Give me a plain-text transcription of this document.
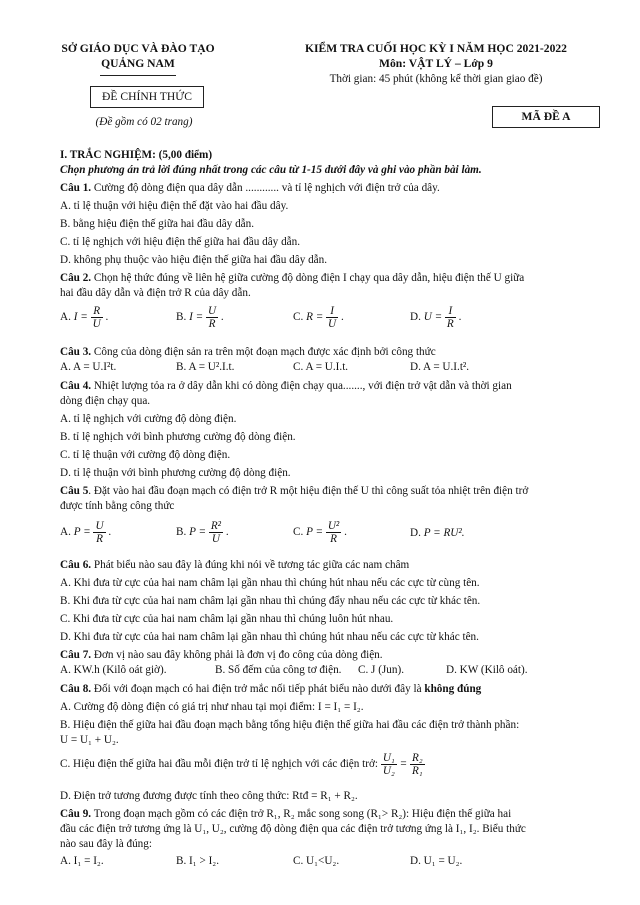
SỞ GIÁO DỤC VÀ ĐÀO TẠO
QUẢNG NAM
ĐỀ CHÍNH THỨC
(Đề gồm có 02 trang)
KIỂM TRA CUỐI HỌC KỲ I NĂM HỌC 2021-2022
Môn: VẬT LÝ – Lớp 9
Thời gian: 45 phút (không kể thời gian giao đề)
MÃ ĐỀ A
I. TRẮC NGHIỆM: (5,00 điểm)
Chọn phương án trả lời đúng nhất trong các câu từ 1-15 dưới đây và ghi vào phần bài làm.
Câu 1. Cường độ dòng điện qua dây dẫn ............ và tỉ lệ nghịch với điện trở của dây.
A. tỉ lệ thuận với hiệu điện thế đặt vào hai đầu dây.
B. bằng hiệu điện thế giữa hai đầu dây dẫn.
C. tỉ lệ nghịch với hiệu điện thế giữa hai đầu dây dẫn.
D. không phụ thuộc vào hiệu điện thế giữa hai đầu dây dẫn.
Câu 2. Chọn hệ thức đúng về liên hệ giữa cường độ dòng điện I chạy qua dây dẫn, hiệu điện thế U giữa
hai đầu dây dẫn và điện trở R của dây dẫn.
A. $I = \frac{R}{U}$ .	B. $I = \frac{U}{R}$ .	C. $R = \frac{I}{U}$ .	D. $U = \frac{I}{R}$ .
Câu 3. Công của dòng điện sản ra trên một đoạn mạch được xác định bởi công thức
A. A = U.I²t.	B. A = U².I.t.	C. A = U.I.t.	D. A = U.I.t².
Câu 4. Nhiệt lượng tỏa ra ở dây dẫn khi có dòng điện chạy qua......., với điện trở vật dẫn và thời gian
dòng điện chạy qua.
A. tỉ lệ nghịch với cường độ dòng điện.
B. tỉ lệ nghịch với bình phương cường độ dòng điện.
C. tỉ lệ thuận với cường độ dòng điện.
D. tỉ lệ thuận với bình phương cường độ dòng điện.
Câu 5. Đặt vào hai đầu đoạn mạch có điện trở R một hiệu điện thế U thì công suất tỏa nhiệt trên điện trở
được tính bằng công thức
A. $P = \frac{U}{R}$ .	B. $P = \frac{\text{R²}}{U}$ .	C. $P = \frac{\text{U²}}{R}$ .	D. P = RU².
Câu 6. Phát biểu nào sau đây là đúng khi nói về tương tác giữa các nam châm
A. Khi đưa từ cực của hai nam châm lại gần nhau thì chúng hút nhau nếu các cực từ cùng tên.
B. Khi đưa từ cực của hai nam châm lại gần nhau thì chúng đẩy nhau nếu các cực từ khác tên.
C. Khi đưa từ cực của hai nam châm lại gần nhau thì chúng luôn hút nhau.
D. Khi đưa từ cực của hai nam châm lại gần nhau thì chúng hút nhau nếu các cực từ khác tên.
Câu 7. Đơn vị nào sau đây không phải là đơn vị đo công của dòng điện.
A. KW.h (Kilô oát giờ).	B. Số đếm của công tơ điện. C. J (Jun).	D. KW (Kilô oát).
Câu 8. Đối với đoạn mạch có hai điện trở mắc nối tiếp phát biểu nào dưới đây là không đúng
A. Cường độ dòng điện có giá trị như nhau tại mọi điểm: I = I₁ = I₂.
B. Hiệu điện thế giữa hai đầu đoạn mạch bằng tổng hiệu điện thế giữa hai đầu các điện trở thành phần:
U = U₁ + U₂.
C. Hiệu điện thế giữa hai đầu mỗi điện trở tỉ lệ nghịch với các điện trở: $\frac{\text{U₁}}{\text{U₂}} = \frac{\text{R₂}}{\text{R₁}}$
D. Điện trở tương đương được tính theo công thức: Rtđ = R₁ + R₂.
Câu 9. Trong đoạn mạch gồm có các điện trở R₁, R₂ mắc song song (R₁> R₂): Hiệu điện thế giữa hai
đầu các điện trở tương ứng là U₁, U₂, cường độ dòng điện qua các điện trở tương ứng là I₁, I₂. Biểu thức
nào sau đây là đúng:
A. I₁ = I₂.	B. I₁ > I₂.	C. U₁<U₂.	D. U₁ = U₂.
